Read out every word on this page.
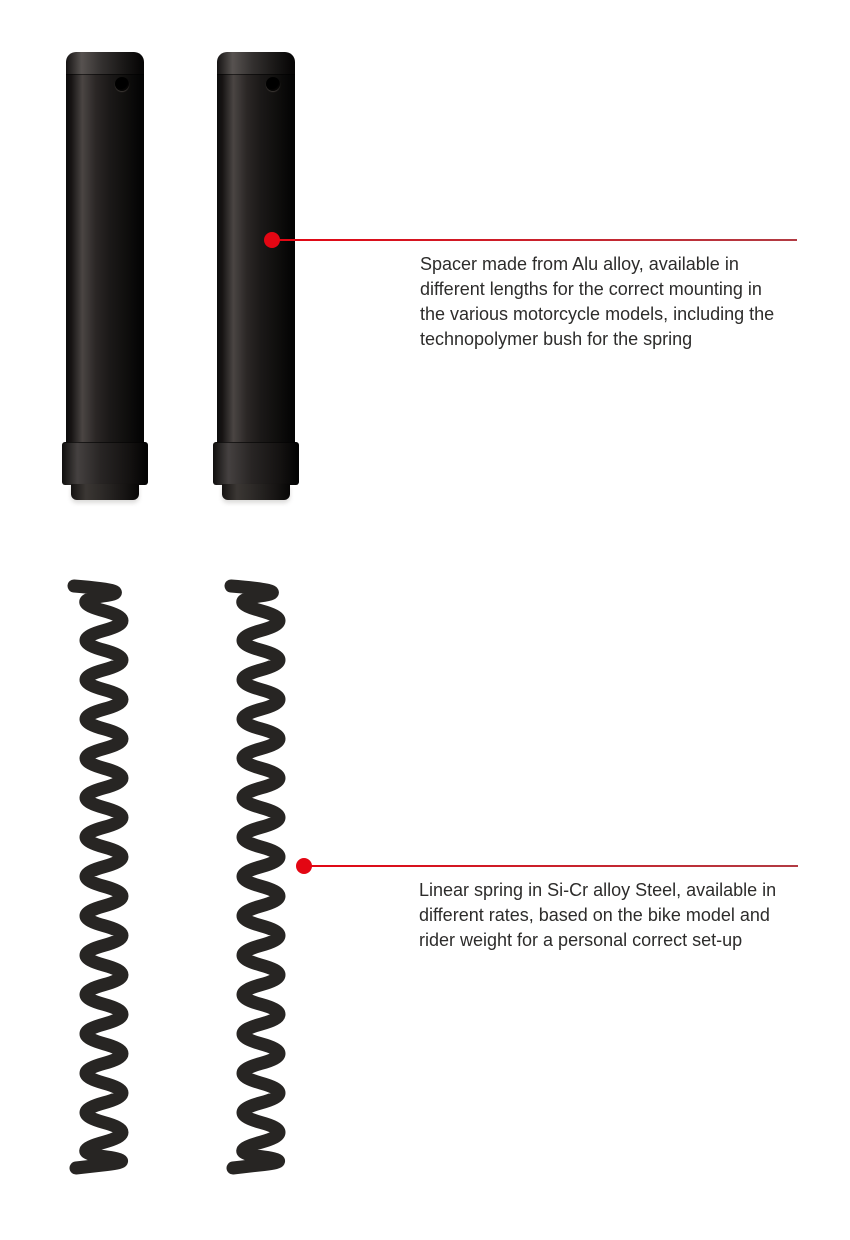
Spacer made from Alu alloy, available in
different lengths for the correct mounting in
the various motorcycle models, including the
technopolymer bush for the spring
Linear spring in Si-Cr alloy Steel, available in
different rates, based on the bike model and
rider weight for a personal correct set-up
